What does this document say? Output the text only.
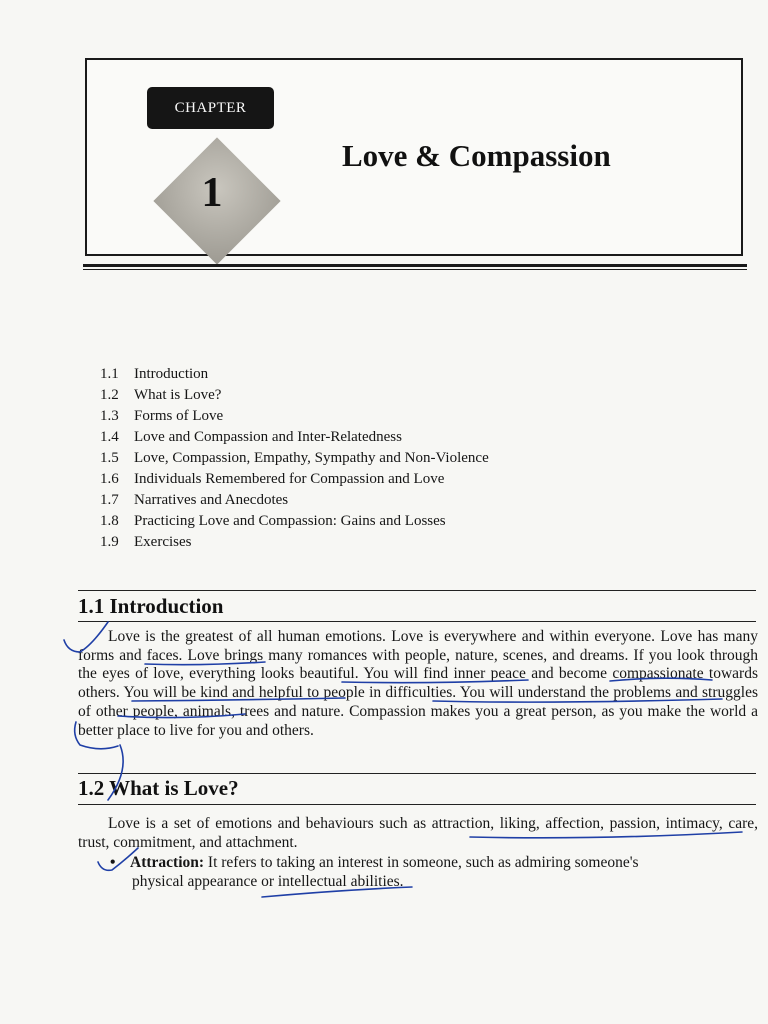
CHAPTER
1
Love & Compassion
1.1	Introduction
1.2	What is Love?
1.3	Forms of Love
1.4	Love and Compassion and Inter-Relatedness
1.5	Love, Compassion, Empathy, Sympathy and Non-Violence
1.6	Individuals Remembered for Compassion and Love
1.7	Narratives and Anecdotes
1.8	Practicing Love and Compassion: Gains and Losses
1.9	Exercises
1.1 Introduction

Love is the greatest of all human emotions. Love is everywhere and within everyone. Love has many forms and faces. Love brings many romances with people, nature, scenes, and dreams. If you look through the eyes of love, everything looks beautiful. You will find inner peace and become compassionate towards others. You will be kind and helpful to people in difficulties. You will understand the problems and struggles of other people, animals, trees and nature. Compassion makes you a great person, as you make the world a better place to live for you and others.

1.2 What is Love?

Love is a set of emotions and behaviours such as attraction, liking, affection, passion, intimacy, care, trust, commitment, and attachment.

• Attraction: It refers to taking an interest in someone, such as admiring someone's
physical appearance or intellectual abilities.
